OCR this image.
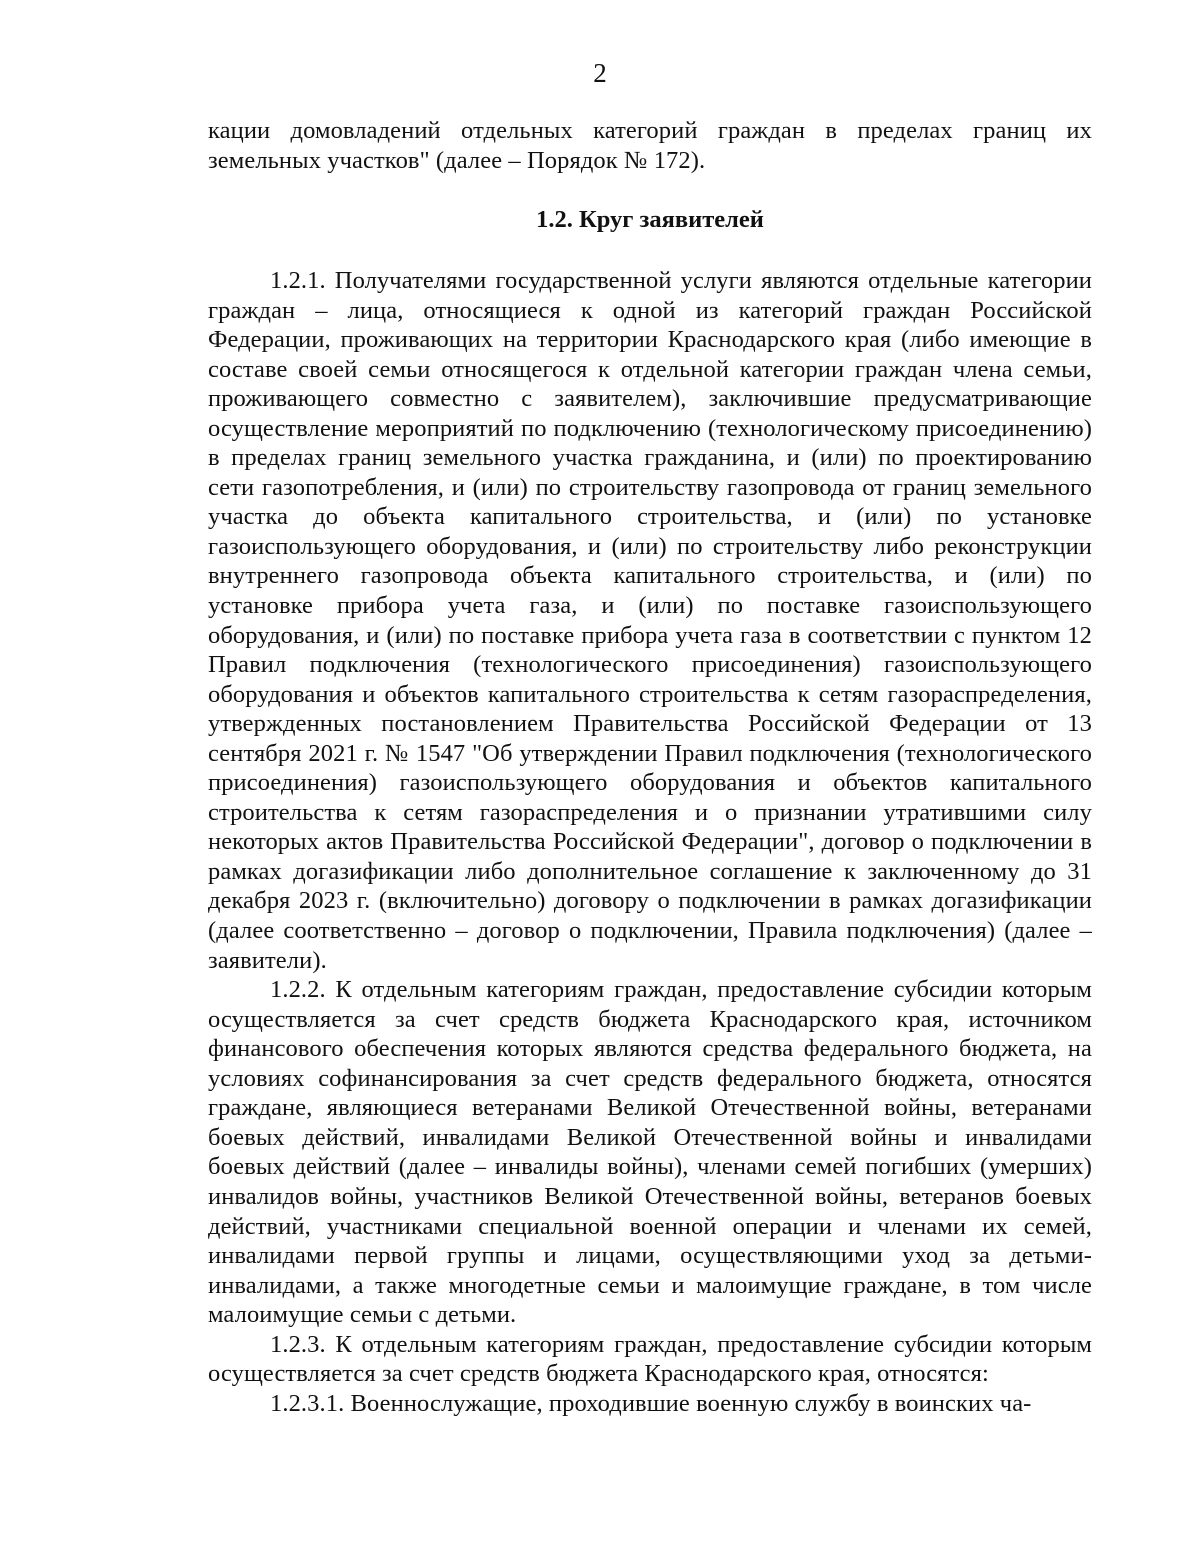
2

кации домовладений отдельных категорий граждан в пределах границ их земельных участков" (далее – Порядок № 172).

1.2. Круг заявителей

1.2.1. Получателями государственной услуги являются отдельные категории граждан – лица, относящиеся к одной из категорий граждан Российской Федерации, проживающих на территории Краснодарского края (либо имеющие в составе своей семьи относящегося к отдельной категории граждан члена семьи, проживающего совместно с заявителем), заключившие предусматривающие осуществление мероприятий по подключению (технологическому присоединению) в пределах границ земельного участка гражданина, и (или) по проектированию сети газопотребления, и (или) по строительству газопровода от границ земельного участка до объекта капитального строительства, и (или) по установке газоиспользующего оборудования, и (или) по строительству либо реконструкции внутреннего газопровода объекта капитального строительства, и (или) по установке прибора учета газа, и (или) по поставке газоиспользующего оборудования, и (или) по поставке прибора учета газа в соответствии с пунктом 12 Правил подключения (технологического присоединения) газоиспользующего оборудования и объектов капитального строительства к сетям газораспределения, утвержденных постановлением Правительства Российской Федерации от 13 сентября 2021 г. № 1547 "Об утверждении Правил подключения (технологического присоединения) газоиспользующего оборудования и объектов капитального строительства к сетям газораспределения и о признании утратившими силу некоторых актов Правительства Российской Федерации", договор о подключении в рамках догазификации либо дополнительное соглашение к заключенному до 31 декабря 2023 г. (включительно) договору о подключении в рамках догазификации (далее соответственно – договор о подключении, Правила подключения) (далее – заявители).

1.2.2. К отдельным категориям граждан, предоставление субсидии которым осуществляется за счет средств бюджета Краснодарского края, источником финансового обеспечения которых являются средства федерального бюджета, на условиях софинансирования за счет средств федерального бюджета, относятся граждане, являющиеся ветеранами Великой Отечественной войны, ветеранами боевых действий, инвалидами Великой Отечественной войны и инвалидами боевых действий (далее – инвалиды войны), членами семей погибших (умерших) инвалидов войны, участников Великой Отечественной войны, ветеранов боевых действий, участниками специальной военной операции и членами их семей, инвалидами первой группы и лицами, осуществляющими уход за детьми-инвалидами, а также многодетные семьи и малоимущие граждане, в том числе малоимущие семьи с детьми.

1.2.3. К отдельным категориям граждан, предоставление субсидии которым осуществляется за счет средств бюджета Краснодарского края, относятся:

1.2.3.1. Военнослужащие, проходившие военную службу в воинских ча-
